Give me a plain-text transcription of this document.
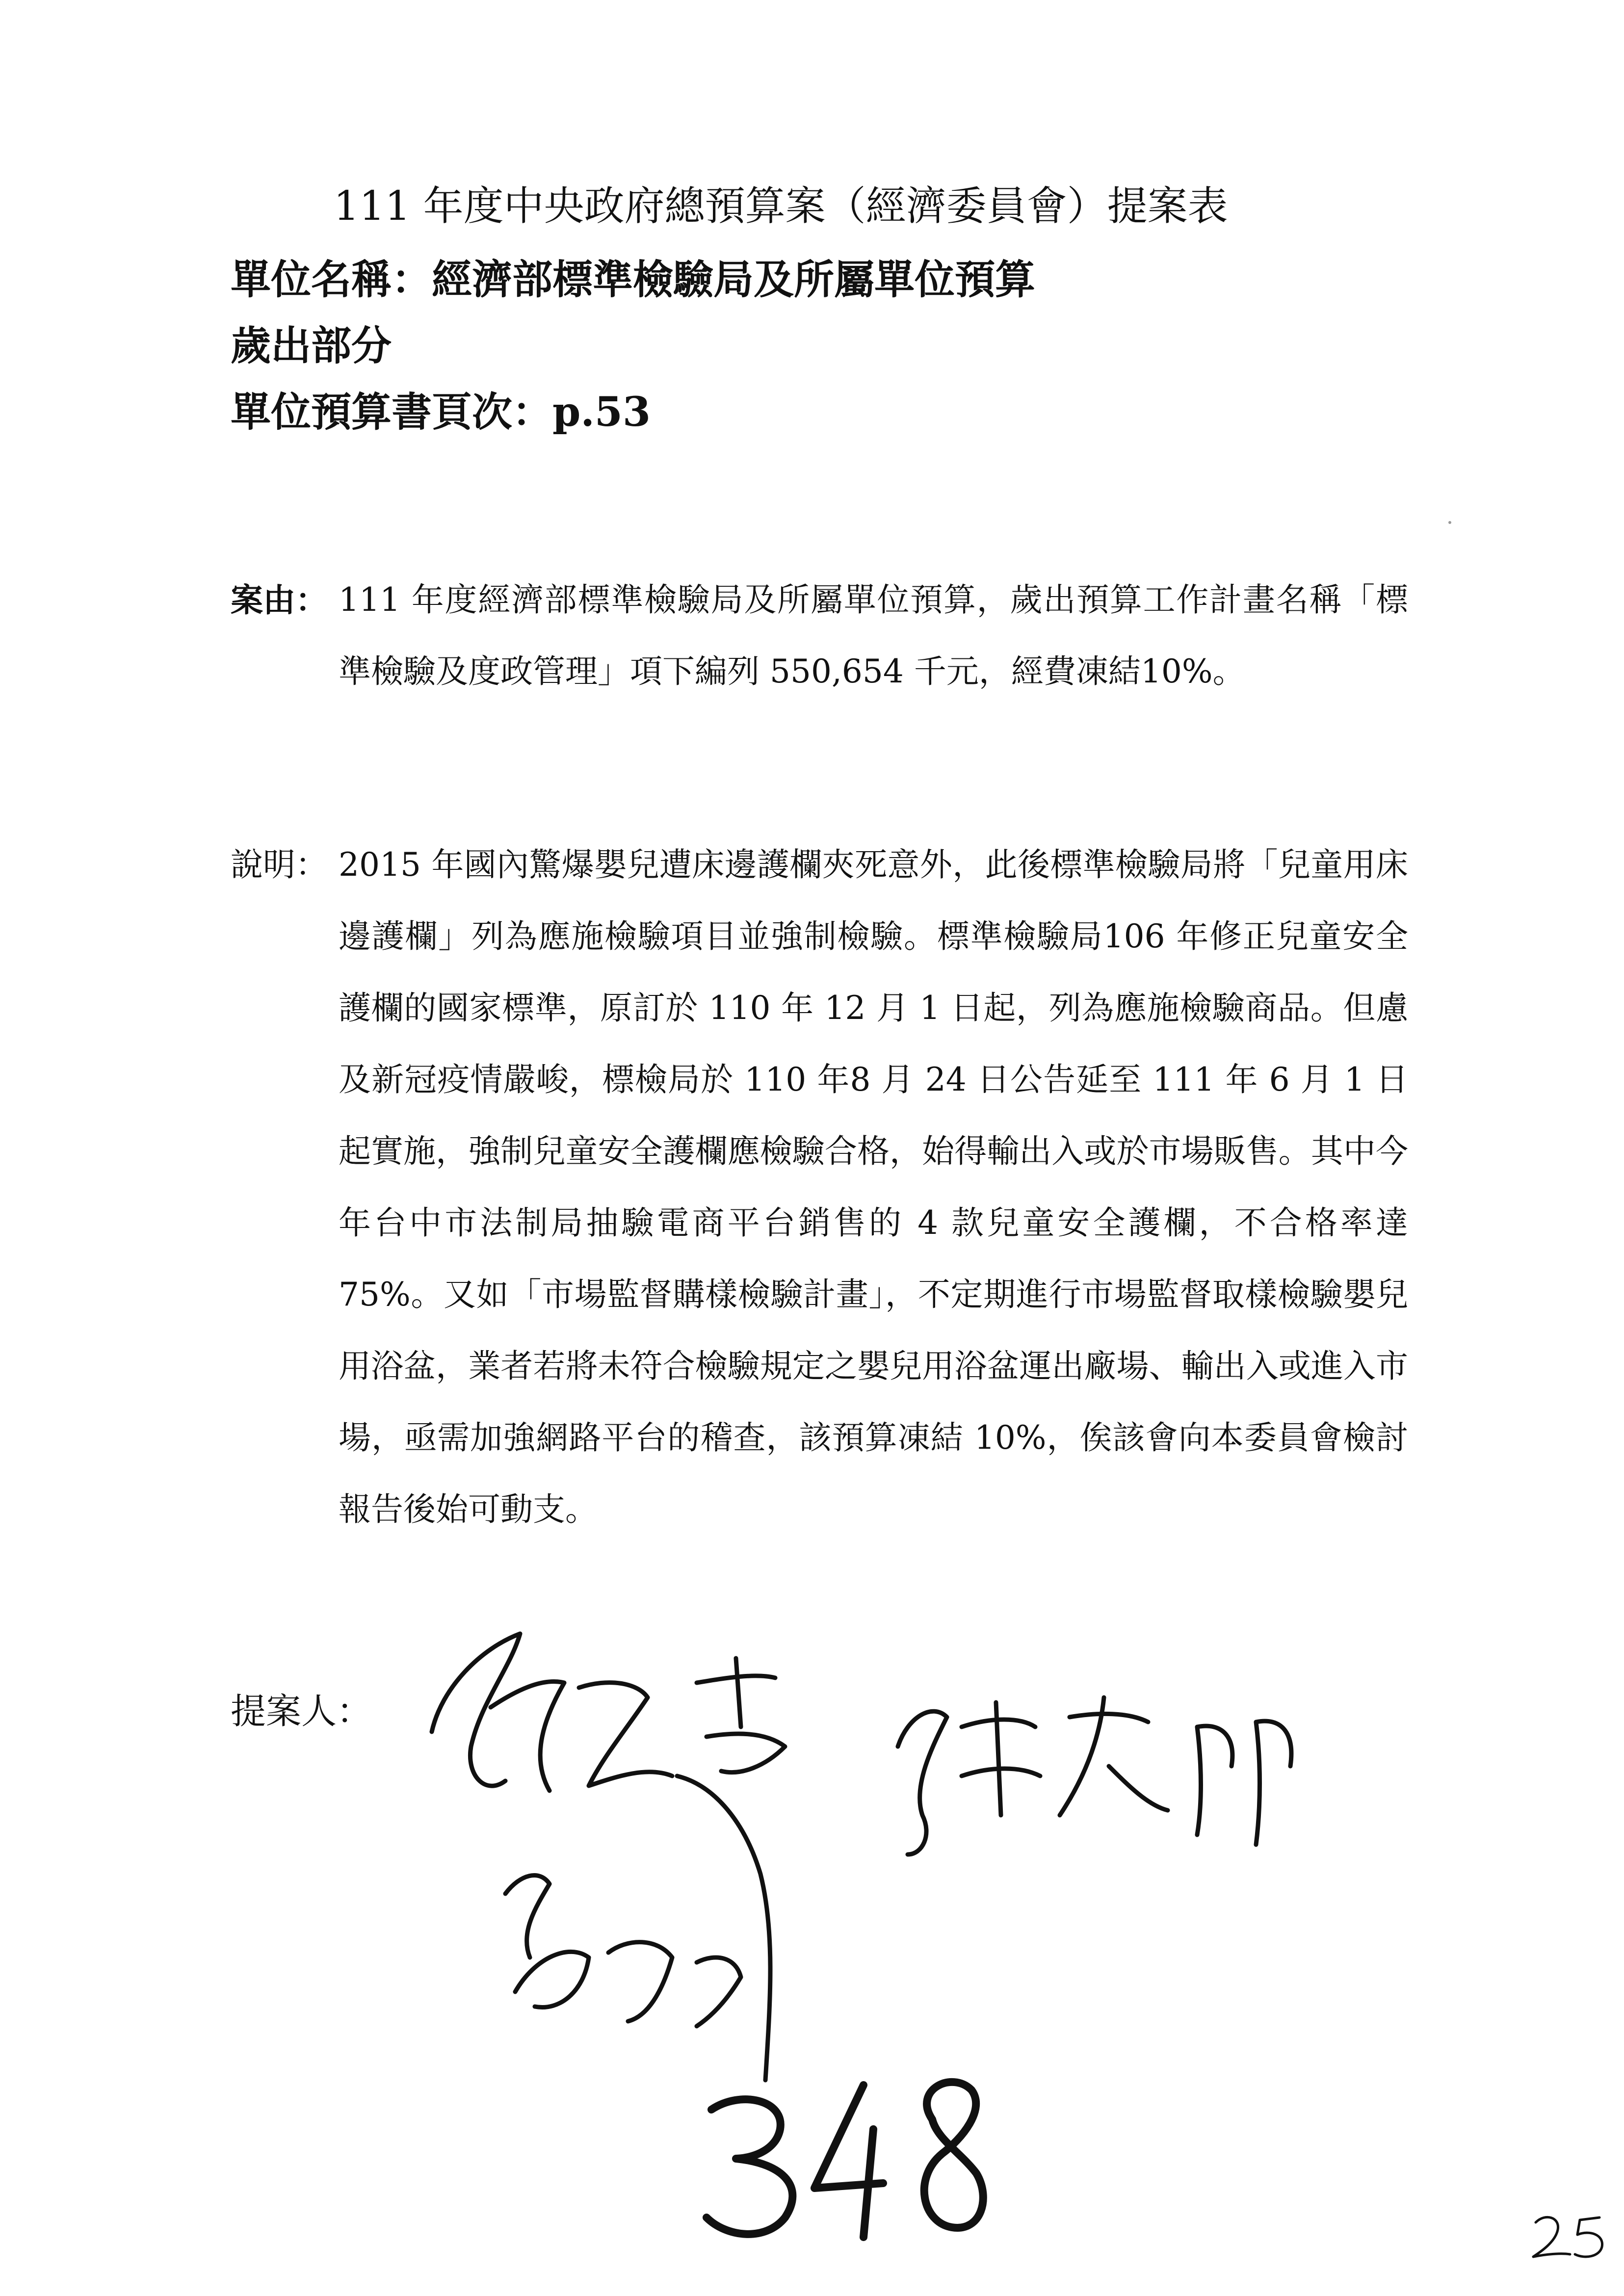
111 年度中央政府總預算案（經濟委員會）提案表
單位名稱：經濟部標準檢驗局及所屬單位預算
歲出部分
單位預算書頁次：p.53
案由： 111 年度經濟部標準檢驗局及所屬單位預算，歲出預算工作計畫名稱「標準檢驗及度政管理」項下編列 550,654 千元，經費凍結10%。
說明： 2015 年國內驚爆嬰兒遭床邊護欄夾死意外，此後標準檢驗局將「兒童用床邊護欄」列為應施檢驗項目並強制檢驗。標準檢驗局106 年修正兒童安全護欄的國家標準，原訂於 110 年 12 月 1 日起，列為應施檢驗商品。但慮及新冠疫情嚴峻，標檢局於 110 年8 月 24 日公告延至 111 年 6 月 1 日起實施，強制兒童安全護欄應檢驗合格，始得輸出入或於市場販售。其中今年台中市法制局抽驗電商平台銷售的 4 款兒童安全護欄，不合格率達 75%。又如「市場監督購樣檢驗計畫」，不定期進行市場監督取樣檢驗嬰兒用浴盆，業者若將未符合檢驗規定之嬰兒用浴盆運出廠場、輸出入或進入市場，亟需加強網路平台的稽查，該預算凍結 10%，俟該會向本委員會檢討報告後始可動支。
提案人：
348
25
